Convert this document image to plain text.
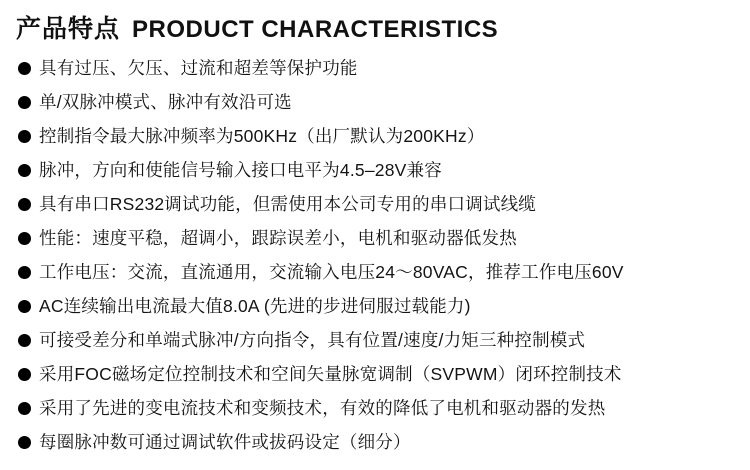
产品特点 PRODUCT CHARACTERISTICS
具有过压、欠压、过流和超差等保护功能
单/双脉冲模式、脉冲有效沿可选
控制指令最大脉冲频率为500KHz（出厂默认为200KHz）
脉冲，方向和使能信号输入接口电平为4.5–28V兼容
具有串口RS232调试功能，但需使用本公司专用的串口调试线缆
性能：速度平稳，超调小，跟踪误差小，电机和驱动器低发热
工作电压：交流，直流通用，交流输入电压24～80VAC，推荐工作电压60V
AC连续输出电流最大值8.0A (先进的步进伺服过载能力)
可接受差分和单端式脉冲/方向指令，具有位置/速度/力矩三种控制模式
采用FOC磁场定位控制技术和空间矢量脉宽调制（SVPWM）闭环控制技术
采用了先进的变电流技术和变频技术，有效的降低了电机和驱动器的发热
每圈脉冲数可通过调试软件或拔码设定（细分）
